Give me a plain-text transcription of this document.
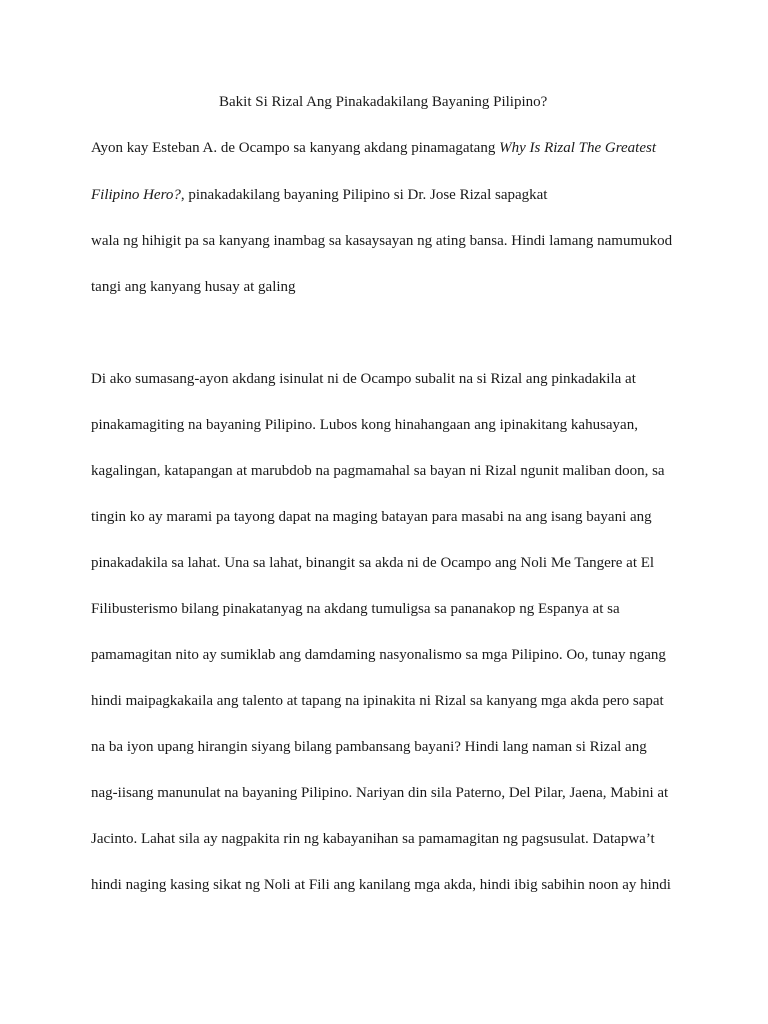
Bakit Si Rizal Ang Pinakadakilang Bayaning Pilipino?
Ayon kay Esteban A. de Ocampo sa kanyang akdang pinamagatang Why Is Rizal The Greatest
Filipino Hero?, pinakadakilang bayaning Pilipino si Dr. Jose Rizal sapagkat
wala ng hihigit pa sa kanyang inambag sa kasaysayan ng ating bansa. Hindi lamang namumukod
tangi ang kanyang husay at galing
Di ako sumasang-ayon akdang isinulat ni de Ocampo subalit na si Rizal ang pinkadakila at
pinakamagiting na bayaning Pilipino. Lubos kong hinahangaan ang ipinakitang kahusayan,
kagalingan, katapangan at marubdob na pagmamahal sa bayan ni Rizal ngunit maliban doon, sa
tingin ko ay marami pa tayong dapat na maging batayan para masabi na ang isang bayani ang
pinakadakila sa lahat. Una sa lahat, binangit sa akda ni de Ocampo ang Noli Me Tangere at El
Filibusterismo bilang pinakatanyag na akdang tumuligsa sa pananakop ng Espanya at sa
pamamagitan nito ay sumiklab ang damdaming nasyonalismo sa mga Pilipino. Oo, tunay ngang
hindi maipagkakaila ang talento at tapang na ipinakita ni Rizal sa kanyang mga akda pero sapat
na ba iyon upang hirangin siyang bilang pambansang bayani? Hindi lang naman si Rizal ang
nag-iisang manunulat na bayaning Pilipino. Nariyan din sila Paterno, Del Pilar, Jaena, Mabini at
Jacinto. Lahat sila ay nagpakita rin ng kabayanihan sa pamamagitan ng pagsusulat. Datapwa’t
hindi naging kasing sikat ng Noli at Fili ang kanilang mga akda, hindi ibig sabihin noon ay hindi
